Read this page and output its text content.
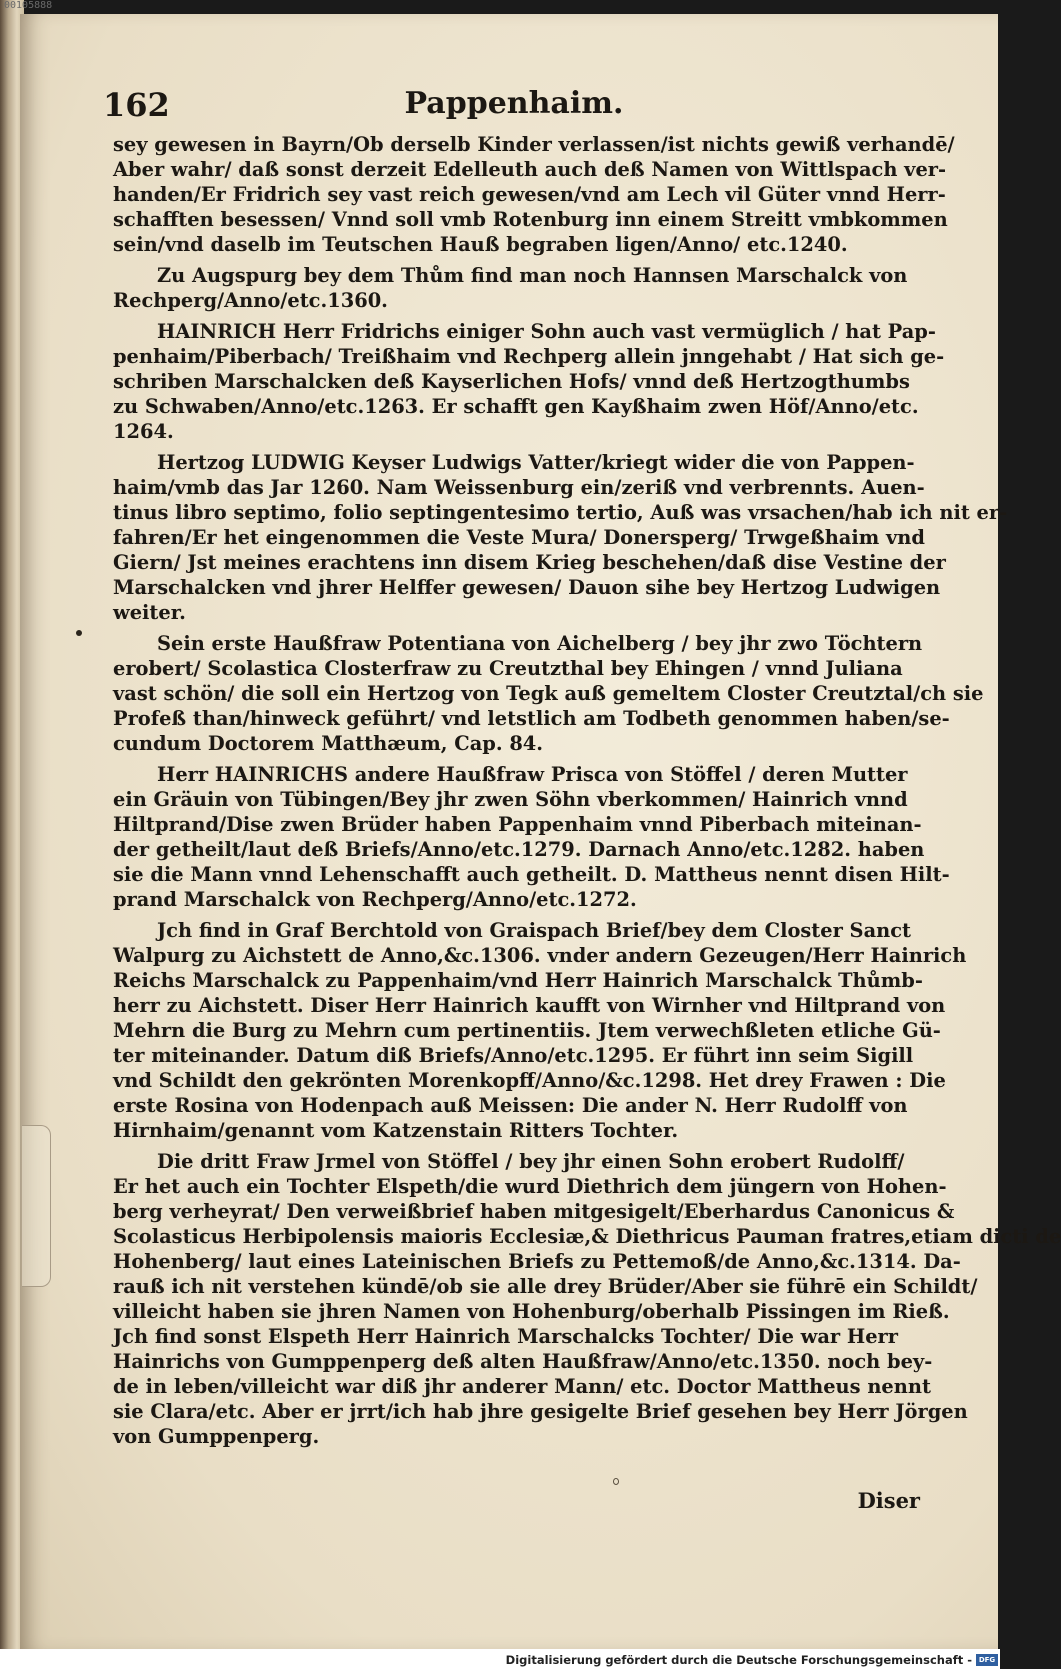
00105888
162	Pappenhaim.
sey gewesen in Bayrn/Ob derselb Kinder verlassen/ist nichts gewiß verhandē/
Aber wahr/ daß sonst derzeit Edelleuth auch deß Namen von Wittlspach ver-
handen/Er Fridrich sey vast reich gewesen/vnd am Lech vil Güter vnnd Herr-
schafften besessen/ Vnnd soll vmb Rotenburg inn einem Streitt vmbkommen
sein/vnd daselb im Teutschen Hauß begraben ligen/Anno/ etc.1240.
Zu Augspurg bey dem Thům find man noch Hannsen Marschalck von
Rechperg/Anno/etc.1360.
HAINRICH Herr Fridrichs einiger Sohn auch vast vermüglich / hat Pap-
penhaim/Piberbach/ Treißhaim vnd Rechperg allein jnngehabt / Hat sich ge-
schriben Marschalcken deß Kayserlichen Hofs/ vnnd deß Hertzogthumbs
zu Schwaben/Anno/etc.1263. Er schafft gen Kayßhaim zwen Höf/Anno/etc.
1264.
Hertzog LUDWIG Keyser Ludwigs Vatter/kriegt wider die von Pappen-
haim/vmb das Jar 1260. Nam Weissenburg ein/zeriß vnd verbrennts. Auen-
tinus libro septimo, folio septingentesimo tertio, Auß was vrsachen/hab ich nit er-
fahren/Er het eingenommen die Veste Mura/ Donersperg/ Trwgeßhaim vnd
Giern/ Jst meines erachtens inn disem Krieg beschehen/daß dise Vestine der
Marschalcken vnd jhrer Helffer gewesen/ Dauon sihe bey Hertzog Ludwigen
weiter.
Sein erste Haußfraw Potentiana von Aichelberg / bey jhr zwo Töchtern
erobert/ Scolastica Closterfraw zu Creutzthal bey Ehingen / vnnd Juliana
vast schön/ die soll ein Hertzog von Tegk auß gemeltem Closter Creutztal/ch sie
Profeß than/hinweck geführt/ vnd letstlich am Todbeth genommen haben/se-
cundum Doctorem Matthæum, Cap. 84.
Herr HAINRICHS andere Haußfraw Prisca von Stöffel / deren Mutter
ein Gräuin von Tübingen/Bey jhr zwen Söhn vberkommen/ Hainrich vnnd
Hiltprand/Dise zwen Brüder haben Pappenhaim vnnd Piberbach miteinan-
der getheilt/laut deß Briefs/Anno/etc.1279. Darnach Anno/etc.1282. haben
sie die Mann vnnd Lehenschafft auch getheilt. D. Mattheus nennt disen Hilt-
prand Marschalck von Rechperg/Anno/etc.1272.
Jch find in Graf Berchtold von Graispach Brief/bey dem Closter Sanct
Walpurg zu Aichstett de Anno,&c.1306. vnder andern Gezeugen/Herr Hainrich
Reichs Marschalck zu Pappenhaim/vnd Herr Hainrich Marschalck Thůmb-
herr zu Aichstett. Diser Herr Hainrich kaufft von Wirnher vnd Hiltprand von
Mehrn die Burg zu Mehrn cum pertinentiis. Jtem verwechßleten etliche Gü-
ter miteinander. Datum diß Briefs/Anno/etc.1295. Er führt inn seim Sigill
vnd Schildt den gekrönten Morenkopff/Anno/&c.1298. Het drey Frawen : Die
erste Rosina von Hodenpach auß Meissen: Die ander N. Herr Rudolff von
Hirnhaim/genannt vom Katzenstain Ritters Tochter.
Die dritt Fraw Jrmel von Stöffel / bey jhr einen Sohn erobert Rudolff/
Er het auch ein Tochter Elspeth/die wurd Diethrich dem jüngern von Hohen-
berg verheyrat/ Den verweißbrief haben mitgesigelt/Eberhardus Canonicus &
Scolasticus Herbipolensis maioris Ecclesiæ,& Diethricus Pauman fratres,etiam dicti de
Hohenberg/ laut eines Lateinischen Briefs zu Pettemoß/de Anno,&c.1314. Da-
rauß ich nit verstehen kündē/ob sie alle drey Brüder/Aber sie führē ein Schildt/
villeicht haben sie jhren Namen von Hohenburg/oberhalb Pissingen im Rieß.
Jch find sonst Elspeth Herr Hainrich Marschalcks Tochter/ Die war Herr
Hainrichs von Gumppenperg deß alten Haußfraw/Anno/etc.1350. noch bey-
de in leben/villeicht war diß jhr anderer Mann/ etc. Doctor Mattheus nennt
sie Clara/etc. Aber er jrrt/ich hab jhre gesigelte Brief gesehen bey Herr Jörgen
von Gumppenperg.
Diser
Digitalisierung gefördert durch die Deutsche Forschungsgemeinschaft - DFG
